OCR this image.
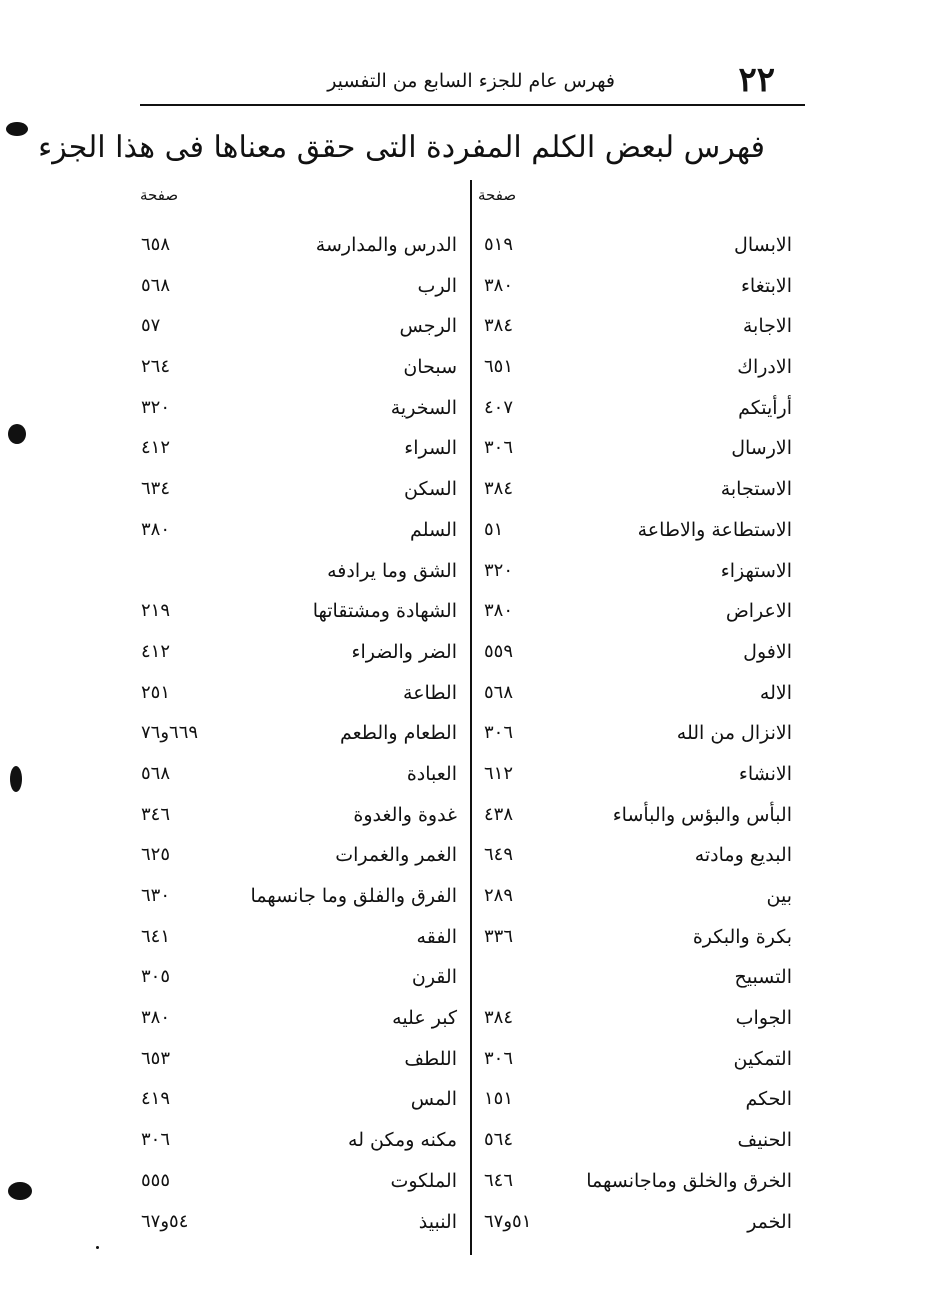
٢٢
فهرس عام للجزء السابع من التفسير
فهرس لبعض الكلم المفردة التى حقق معناها فى هذا الجزء
صفحة
صفحة
الابسال
٥١٩
الدرس والمدارسة
٦٥٨
الابتغاء
٣٨٠
الرب
٥٦٨
الاجابة
٣٨٤
الرجس
٥٧
الادراك
٦٥١
سبحان
٢٦٤
أرأيتكم
٤٠٧
السخرية
٣٢٠
الارسال
٣٠٦
السراء
٤١٢
الاستجابة
٣٨٤
السكن
٦٣٤
الاستطاعة والاطاعة
٥١
السلم
٣٨٠
الاستهزاء
٣٢٠
الشق وما يرادفه
الاعراض
٣٨٠
الشهادة ومشتقاتها
٢١٩
الافول
٥٥٩
الضر والضراء
٤١٢
الاله
٥٦٨
الطاعة
٢٥١
الانزال من الله
٣٠٦
الطعام والطعم
٦٦٩و٧٦
الانشاء
٦١٢
العبادة
٥٦٨
البأس والبؤس والبأساء
٤٣٨
غدوة والغدوة
٣٤٦
البديع ومادته
٦٤٩
الغمر والغمرات
٦٢٥
بين
٢٨٩
الفرق والفلق وما جانسهما
٦٣٠
بكرة والبكرة
٣٣٦
الفقه
٦٤١
التسبيح
القرن
٣٠٥
الجواب
٣٨٤
كبر عليه
٣٨٠
التمكين
٣٠٦
اللطف
٦٥٣
الحكم
١٥١
المس
٤١٩
الحنيف
٥٦٤
مكنه ومكن له
٣٠٦
الخرق والخلق وماجانسهما
٦٤٦
الملكوت
٥٥٥
الخمر
٥١و٦٧
النبيذ
٥٤و٦٧
